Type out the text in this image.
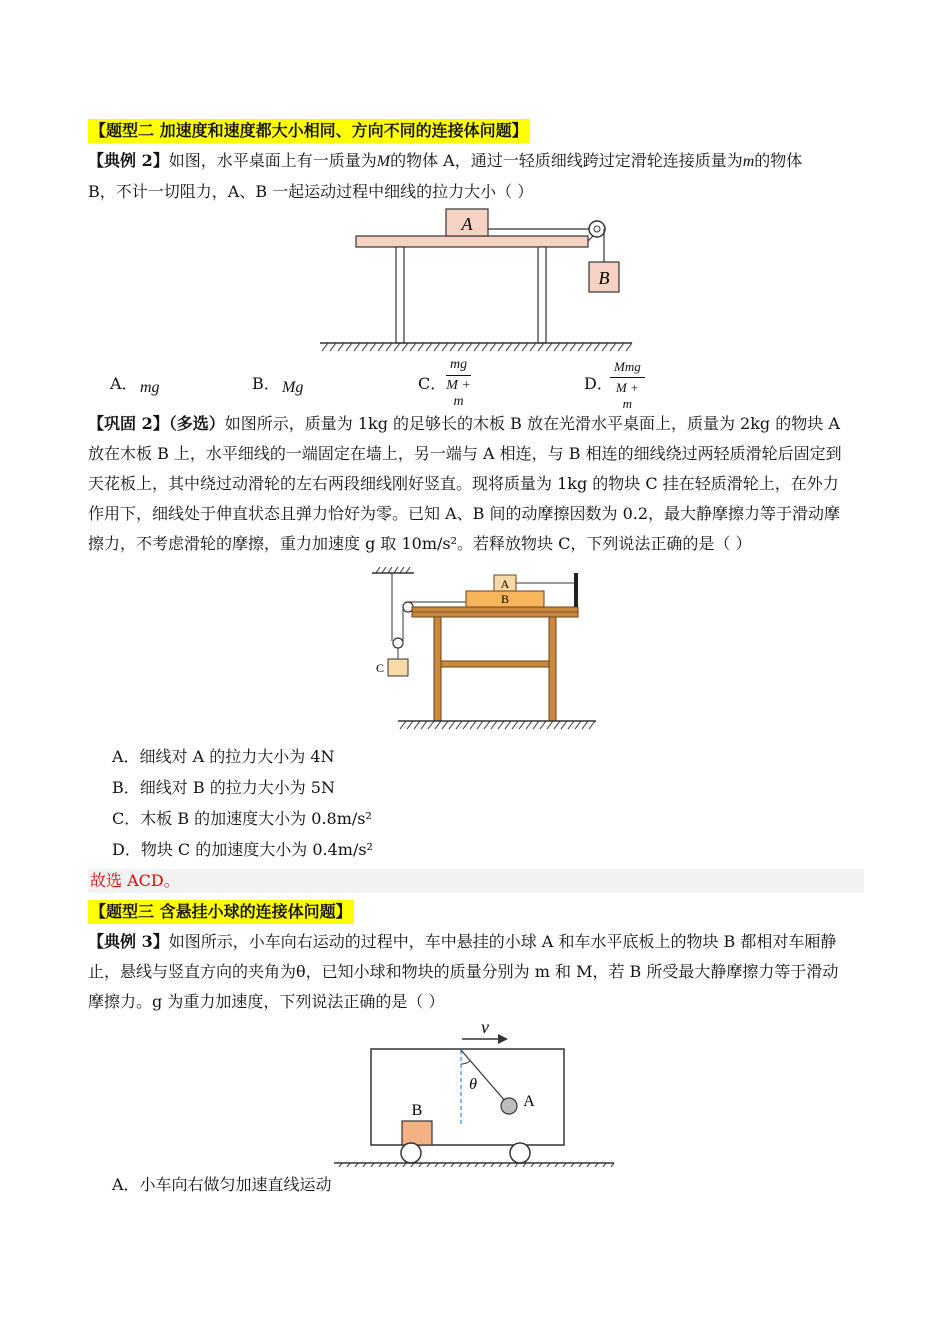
【题型二 加速度和速度都大小相同、方向不同的连接体问题】
【典例 2】如图，水平桌面上有一质量为M的物体 A，通过一轻质细线跨过定滑轮连接质量为m的物体
B，不计一切阻力，A、B 一起运动过程中细线的拉力大小（ ）
A
B
A． mg	B． Mg	C． $\frac{mg}{M + m}$	D．
Mmg
M + m
【巩固 2】（多选）如图所示，质量为 1kg 的足够长的木板 B 放在光滑水平桌面上，质量为 2kg 的物块 A
放在木板 B 上，水平细线的一端固定在墙上，另一端与 A 相连，与 B 相连的细线绕过两轻质滑轮后固定到
天花板上，其中绕过动滑轮的左右两段细线刚好竖直。现将质量为 1kg 的物块 C 挂在轻质滑轮上，在外力
作用下，细线处于伸直状态且弹力恰好为零。已知 A、B 间的动摩擦因数为 0.2，最大静摩擦力等于滑动摩
擦力，不考虑滑轮的摩擦，重力加速度 g 取 10m/s²。若释放物块 C，下列说法正确的是（ ）
C
B
A
A．细线对 A 的拉力大小为 4N
B．细线对 B 的拉力大小为 5N
C．木板 B 的加速度大小为 0.8m/s²
D．物块 C 的加速度大小为 0.4m/s²
故选 ACD。
【题型三 含悬挂小球的连接体问题】
【典例 3】如图所示，小车向右运动的过程中，车中悬挂的小球 A 和车水平底板上的物块 B 都相对车厢静
止，悬线与竖直方向的夹角为θ，已知小球和物块的质量分别为 m 和 M，若 B 所受最大静摩擦力等于滑动
摩擦力。g 为重力加速度，下列说法正确的是（ ）
v
θ
A
B
A．小车向右做匀加速直线运动
